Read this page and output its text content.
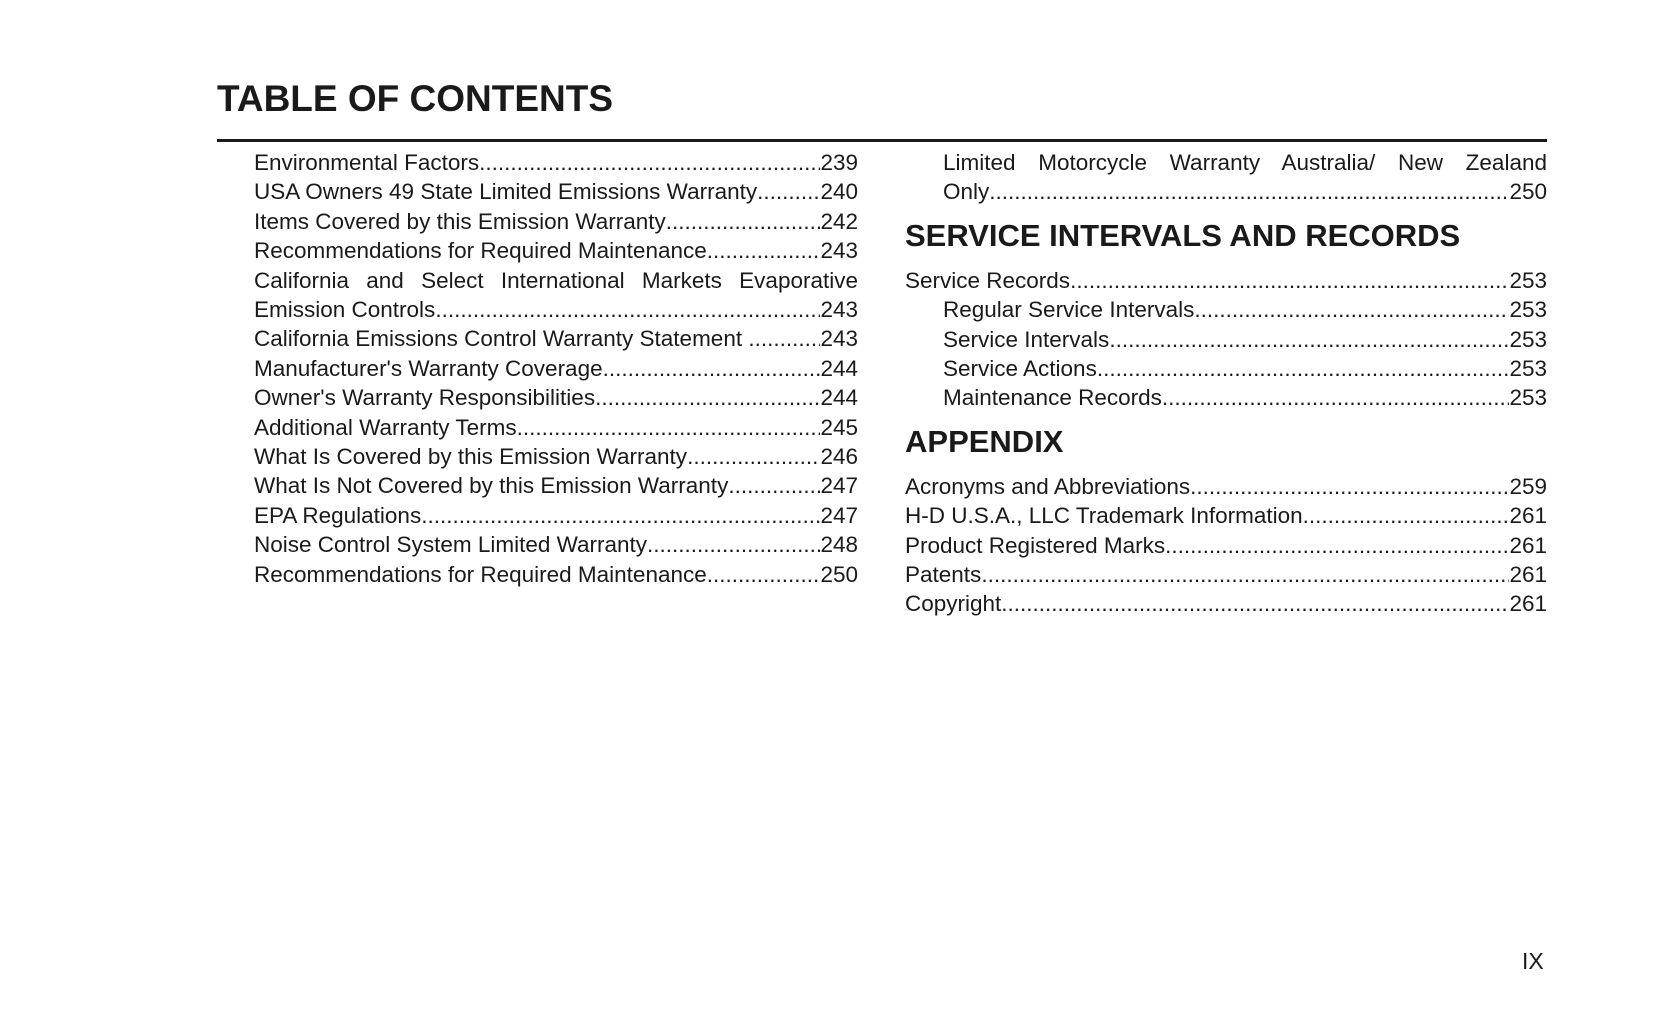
TABLE OF CONTENTS
Environmental Factors .....	239
USA Owners 49 State Limited Emissions Warranty .....	240
Items Covered by this Emission Warranty .....	242
Recommendations for Required Maintenance .....	243
California and Select International Markets Evaporative
Emission Controls .....	243
California Emissions Control Warranty Statement .....	243
Manufacturer's Warranty Coverage .....	244
Owner's Warranty Responsibilities .....	244
Additional Warranty Terms .....	245
What Is Covered by this Emission Warranty .....	246
What Is Not Covered by this Emission Warranty .....	247
EPA Regulations .....	247
Noise Control System Limited Warranty .....	248
Recommendations for Required Maintenance .....	250
Limited Motorcycle Warranty Australia/ New Zealand
Only .....	250
SERVICE INTERVALS AND RECORDS
Service Records .....	253
Regular Service Intervals .....	253
Service Intervals .....	253
Service Actions .....	253
Maintenance Records .....	253
APPENDIX
Acronyms and Abbreviations .....	259
H-D U.S.A., LLC Trademark Information .....	261
Product Registered Marks .....	261
Patents .....	261
Copyright .....	261
IX
